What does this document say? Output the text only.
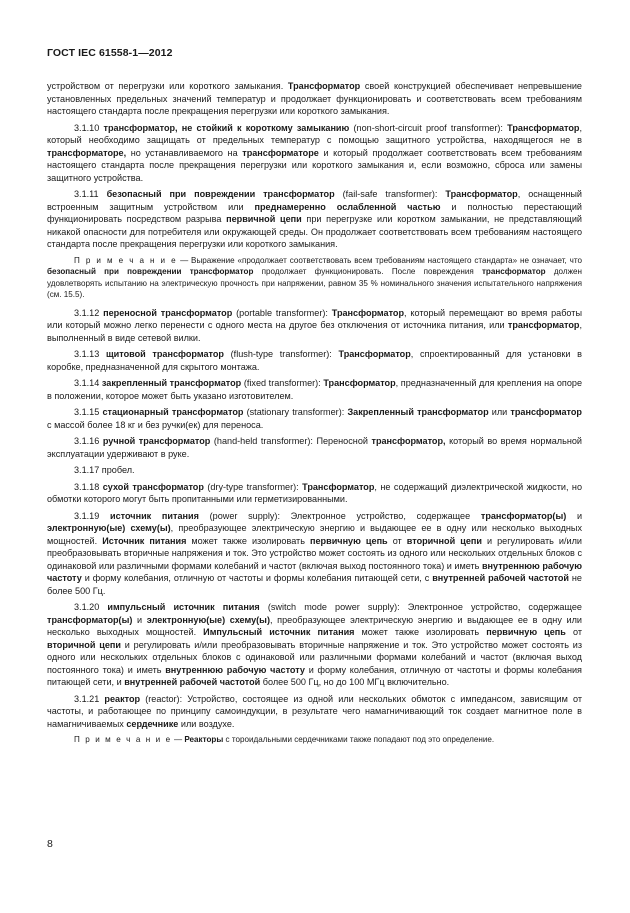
ГОСТ IEC 61558-1—2012

устройством от перегрузки или короткого замыкания. Трансформатор своей конструкцией обеспечивает непревышение установленных предельных значений температур и продолжает функционировать и соответствовать всем требованиям настоящего стандарта после прекращения перегрузки или короткого замыкания.

3.1.10 трансформатор, не стойкий к короткому замыканию (non-short-circuit proof transformer): Трансформатор, который необходимо защищать от предельных температур с помощью защитного устройства, находящегося не в трансформаторе, но устанавливаемого на трансформаторе и который продолжает соответствовать всем требованиям настоящего стандарта после прекращения перегрузки или короткого замыкания и, если возможно, сброса или замены защитного устройства.

3.1.11 безопасный при повреждении трансформатор (fail-safe transformer): Трансформатор, оснащенный встроенным защитным устройством или преднамеренно ослабленной частью и полностью перестающий функционировать посредством разрыва первичной цепи при перегрузке или коротком замыкании, не представляющий никакой опасности для потребителя или окружающей среды. Он продолжает соответствовать всем требованиям настоящего стандарта после прекращения перегрузки или короткого замыкания.

П р и м е ч а н и е — Выражение «продолжает соответствовать всем требованиям настоящего стандарта» не означает, что безопасный при повреждении трансформатор продолжает функционировать. После повреждения трансформатор должен удовлетворять испытанию на электрическую прочность при напряжении, равном 35 % номинального значения испытательного напряжения (см. 15.5).

3.1.12 переносной трансформатор (portable transformer): Трансформатор, который перемещают во время работы или который можно легко перенести с одного места на другое без отключения от источника питания, или трансформатор, выполненный в виде сетевой вилки.

3.1.13 щитовой трансформатор (flush-type transformer): Трансформатор, спроектированный для установки в коробке, предназначенной для скрытого монтажа.

3.1.14 закрепленный трансформатор (fixed transformer): Трансформатор, предназначенный для крепления на опоре в положении, которое может быть указано изготовителем.

3.1.15 стационарный трансформатор (stationary transformer): Закрепленный трансформатор или трансформатор с массой более 18 кг и без ручки(ек) для переноса.

3.1.16 ручной трансформатор (hand-held transformer): Переносной трансформатор, который во время нормальной эксплуатации удерживают в руке.

3.1.17 пробел.

3.1.18 сухой трансформатор (dry-type transformer): Трансформатор, не содержащий диэлектрической жидкости, но обмотки которого могут быть пропитанными или герметизированными.

3.1.19 источник питания (power supply): Электронное устройство, содержащее трансформатор(ы) и электронную(ые) схему(ы), преобразующее электрическую энергию и выдающее ее в одну или несколько выходных мощностей. Источник питания может также изолировать первичную цепь от вторичной цепи и регулировать и/или преобразовывать вторичные напряжения и ток. Это устройство может состоять из одного или нескольких отдельных блоков с одинаковой или различными формами колебаний и частот (включая выход постоянного тока) и иметь внутреннюю рабочую частоту и форму колебания, отличную от частоты и формы колебания питающей сети, с внутренней рабочей частотой не более 500 Гц.

3.1.20 импульсный источник питания (switch mode power supply): Электронное устройство, содержащее трансформатор(ы) и электронную(ые) схему(ы), преобразующее электрическую энергию и выдающее ее в одну или несколько выходных мощностей. Импульсный источник питания может также изолировать первичную цепь от вторичной цепи и регулировать и/или преобразовывать вторичные напряжение и ток. Это устройство может состоять из одного или нескольких отдельных блоков с одинаковой или различными формами колебаний и частот (включая выход постоянного тока) и иметь внутреннюю рабочую частоту и форму колебания, отличную от частоты и формы колебания питающей сети, и внутренней рабочей частотой более 500 Гц, но до 100 МГц включительно.

3.1.21 реактор (reactor): Устройство, состоящее из одной или нескольких обмоток с импедансом, зависящим от частоты, и работающее по принципу самоиндукции, в результате чего намагничивающий ток создает магнитное поле в намагничиваемых сердечнике или воздухе.

П р и м е ч а н и е — Реакторы с тороидальными сердечниками также попадают под это определение.

8
